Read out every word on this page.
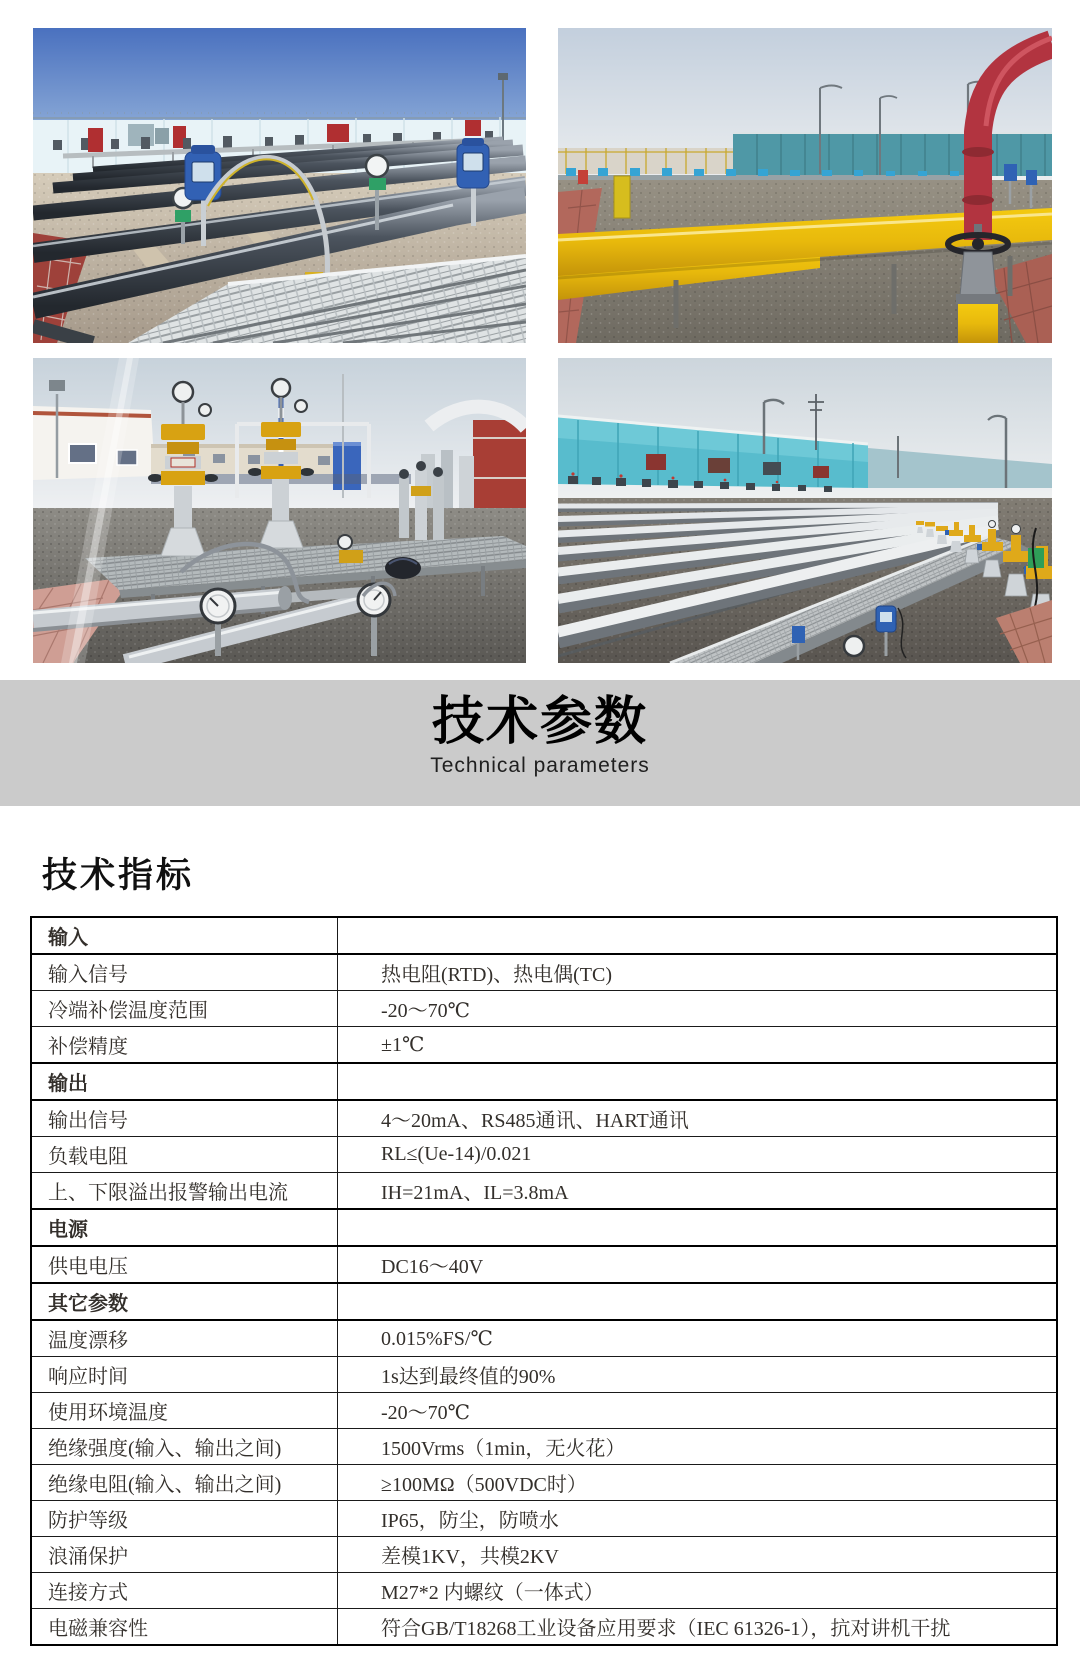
技术参数
Technical parameters
技术指标
输入	
输入信号	热电阻(RTD)、热电偶(TC)
冷端补偿温度范围	-20～70℃
补偿精度	±1℃
输出	
输出信号	4～20mA、RS485通讯、HART通讯
负载电阻	RL≤(Ue-14)/0.021
上、下限溢出报警输出电流	IH=21mA、IL=3.8mA
电源	
供电电压	DC16～40V
其它参数	
温度漂移	0.015%FS/℃
响应时间	1s达到最终值的90%
使用环境温度	-20～70℃
绝缘强度(输入、输出之间)	1500Vrms（1min，无火花）
绝缘电阻(输入、输出之间)	≥100MΩ（500VDC时）
防护等级	IP65，防尘，防喷水
浪涌保护	差模1KV，共模2KV
连接方式	M27*2 内螺纹（一体式）
电磁兼容性	符合GB/T18268工业设备应用要求（IEC 61326-1），抗对讲机干扰
